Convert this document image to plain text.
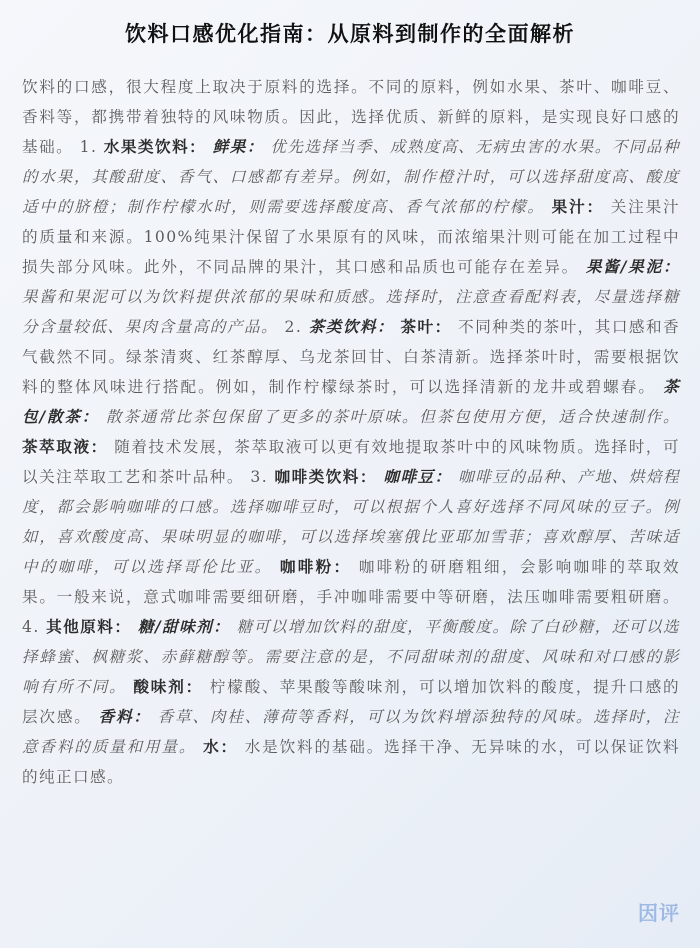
饮料口感优化指南：从原料到制作的全面解析

饮料的口感，很大程度上取决于原料的选择。不同的原料，例如水果、茶叶、咖啡豆、香料等，都携带着独特的风味物质。因此，选择优质、新鲜的原料，是实现良好口感的基础。 1. 水果类饮料： 鲜果： 优先选择当季、成熟度高、无病虫害的水果。不同品种的水果，其酸甜度、香气、口感都有差异。例如，制作橙汁时，可以选择甜度高、酸度适中的脐橙；制作柠檬水时，则需要选择酸度高、香气浓郁的柠檬。 果汁： 关注果汁的质量和来源。100%纯果汁保留了水果原有的风味，而浓缩果汁则可能在加工过程中损失部分风味。此外，不同品牌的果汁，其口感和品质也可能存在差异。 果酱/果泥： 果酱和果泥可以为饮料提供浓郁的果味和质感。选择时，注意查看配料表，尽量选择糖分含量较低、果肉含量高的产品。 2. 茶类饮料： 茶叶： 不同种类的茶叶，其口感和香气截然不同。绿茶清爽、红茶醇厚、乌龙茶回甘、白茶清新。选择茶叶时，需要根据饮料的整体风味进行搭配。例如，制作柠檬绿茶时，可以选择清新的龙井或碧螺春。 茶包/散茶： 散茶通常比茶包保留了更多的茶叶原味。但茶包使用方便，适合快速制作。 茶萃取液： 随着技术发展，茶萃取液可以更有效地提取茶叶中的风味物质。选择时，可以关注萃取工艺和茶叶品种。 3. 咖啡类饮料： 咖啡豆： 咖啡豆的品种、产地、烘焙程度，都会影响咖啡的口感。选择咖啡豆时，可以根据个人喜好选择不同风味的豆子。例如，喜欢酸度高、果味明显的咖啡，可以选择埃塞俄比亚耶加雪菲；喜欢醇厚、苦味适中的咖啡，可以选择哥伦比亚。 咖啡粉： 咖啡粉的研磨粗细，会影响咖啡的萃取效果。一般来说，意式咖啡需要细研磨，手冲咖啡需要中等研磨，法压咖啡需要粗研磨。 4. 其他原料： 糖/甜味剂： 糖可以增加饮料的甜度，平衡酸度。除了白砂糖，还可以选择蜂蜜、枫糖浆、赤藓糖醇等。需要注意的是，不同甜味剂的甜度、风味和对口感的影响有所不同。 酸味剂： 柠檬酸、苹果酸等酸味剂，可以增加饮料的酸度，提升口感的层次感。 香料： 香草、肉桂、薄荷等香料，可以为饮料增添独特的风味。选择时，注意香料的质量和用量。 水： 水是饮料的基础。选择干净、无异味的水，可以保证饮料的纯正口感。

因评
